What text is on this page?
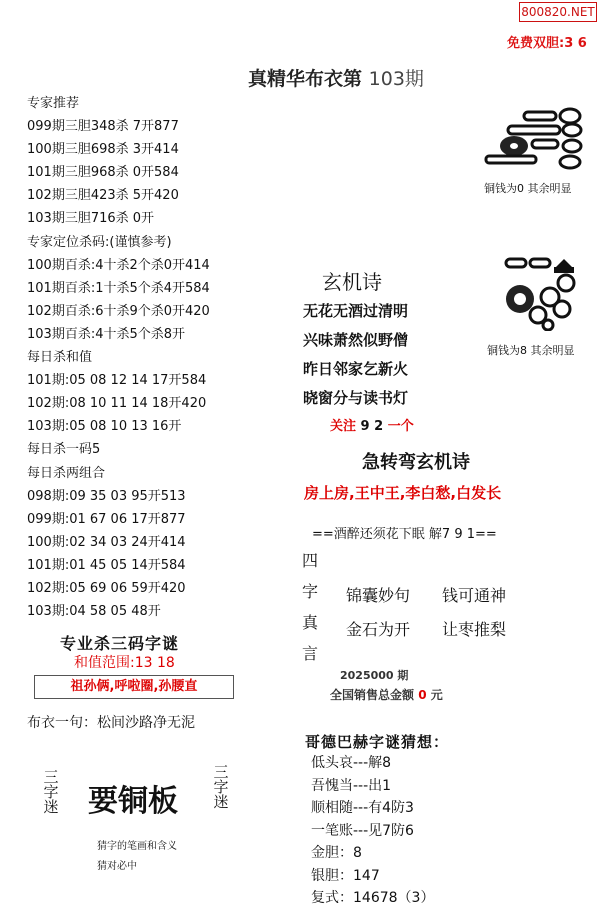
800820.NET
免费双胆:3 6
真精华布衣第 103期
专家推荐
099期三胆348杀 7开877
100期三胆698杀 3开414
101期三胆968杀 0开584
102期三胆423杀 5开420
103期三胆716杀 0开
专家定位杀码:(谨慎参考)
100期百杀:4十杀2个杀0开414
101期百杀:1十杀5个杀4开584
102期百杀:6十杀9个杀0开420
103期百杀:4十杀5个杀8开
每日杀和值
101期:05 08 12 14 17开584
102期:08 10 11 14 18开420
103期:05 08 10 13 16开
每日杀一码5
每日杀两组合
098期:09 35 03 95开513
099期:01 67 06 17开877
100期:02 34 03 24开414
101期:01 45 05 14开584
102期:05 69 06 59开420
103期:04 58 05 48开
专业杀三码字谜
和值范围:13 18
祖孙俩,呼啦圈,孙腰直
布衣一句：松间沙路净无泥
三字迷 要铜板
三字迷
猜字的笔画和含义
猜对必中
铜钱为0 其余明显
铜钱为8 其余明显
玄机诗
无花无酒过清明
兴味萧然似野僧
昨日邻家乞新火
晓窗分与读书灯
关注 9 2 一个
急转弯玄机诗
房上房,王中王,李白愁,白发长
==酒醉还须花下眠 解7 9 1==
四字真言
锦囊妙句 钱可通神
金石为开 让枣推梨
2025000 期
全国销售总金额 0 元
哥德巴赫字谜猜想：
低头哀---解8
吾愧当---出1
顺相随---有4防3
一笔账---见7防6
金胆：8
银胆：147
复式：14678（3）
